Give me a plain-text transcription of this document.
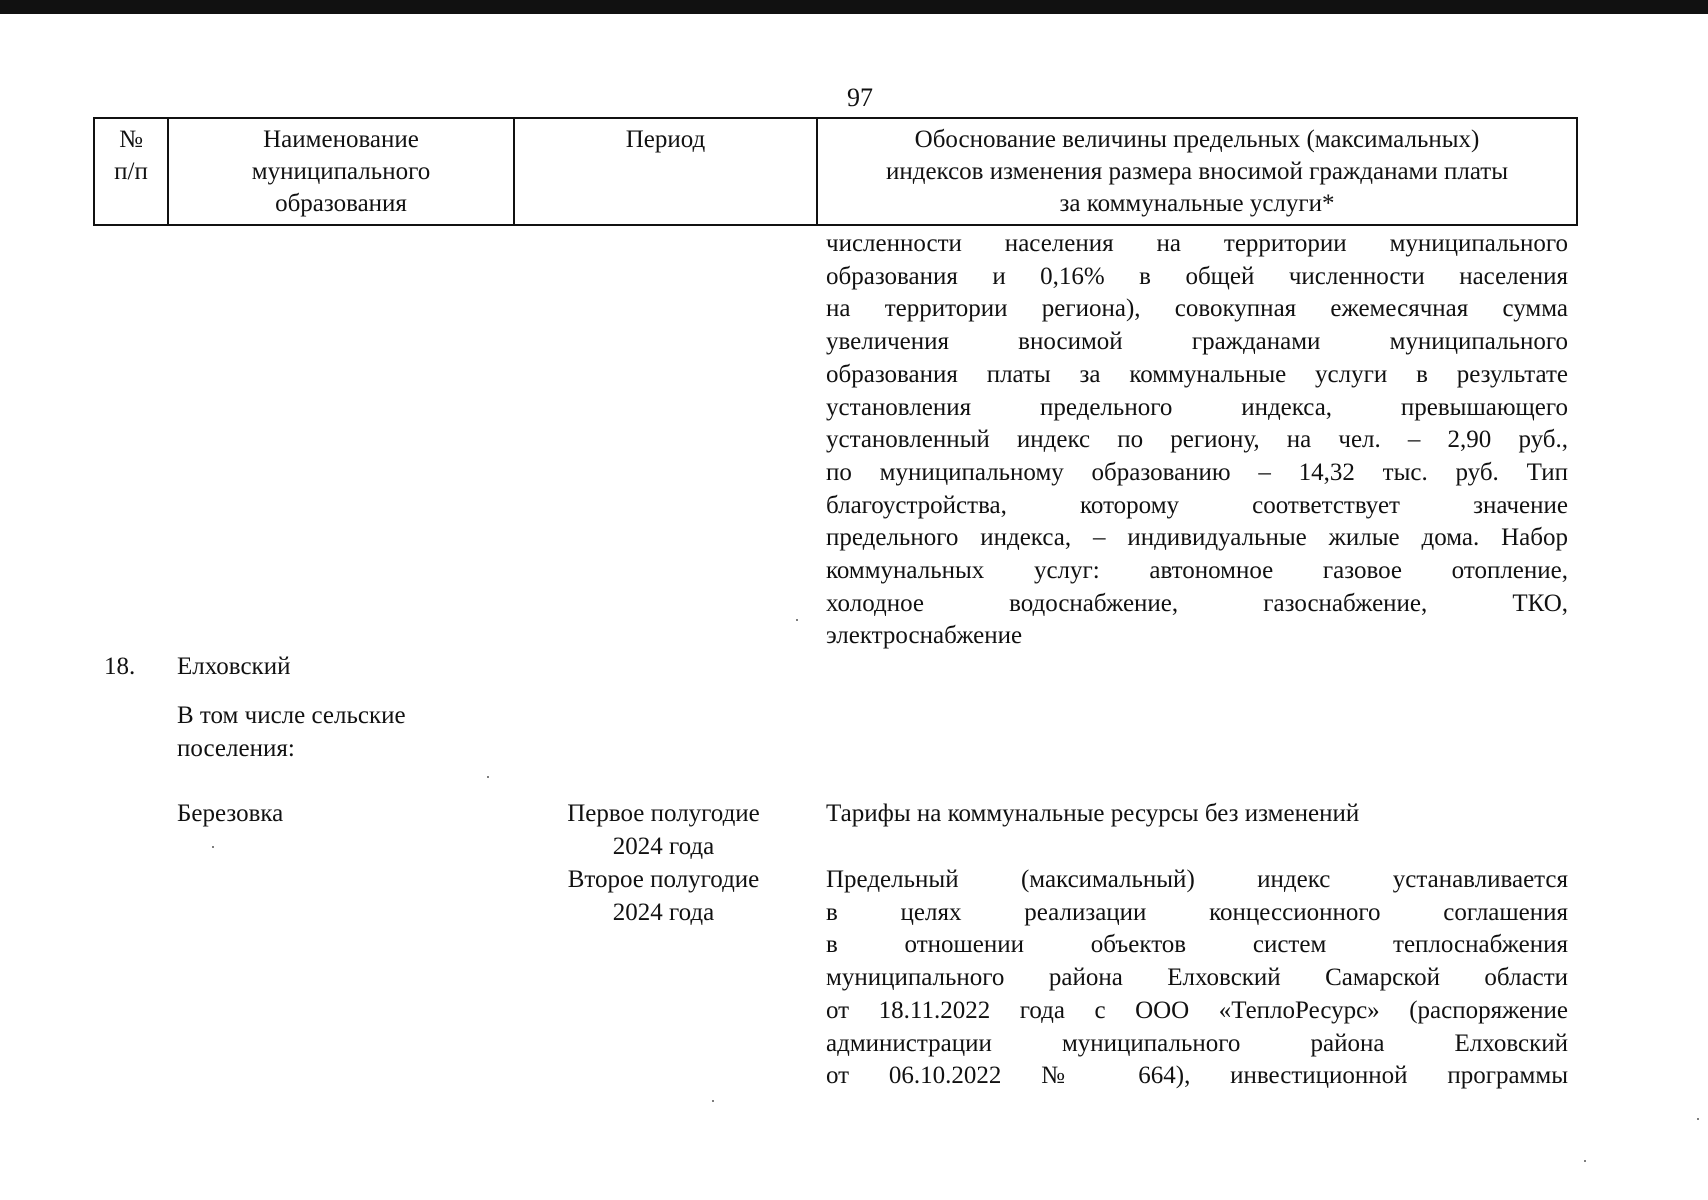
97
№
п/п
Наименование
муниципального
образования
Период	Обоснование величины предельных (максимальных)
индексов изменения размера вносимой гражданами платы
за коммунальные услуги*
численности населения на территории муниципального
образования и 0,16% в общей численности населения
на территории региона), совокупная ежемесячная сумма
увеличения вносимой гражданами муниципального
образования платы за коммунальные услуги в результате
установления предельного индекса, превышающего
установленный индекс по региону, на чел. – 2,90 руб.,
по муниципальному образованию – 14,32 тыс. руб. Тип
благоустройства, которому соответствует значение
предельного индекса, – индивидуальные жилые дома. Набор
коммунальных услуг: автономное газовое отопление,
холодное водоснабжение, газоснабжение, ТКО,
электроснабжение
18. Елховский
В том числе сельские поселения:
Березовка	Первое полугодие
2024 года
Тарифы на коммунальные ресурсы без изменений
Второе полугодие
2024 года
Предельный (максимальный) индекс устанавливается
в целях реализации концессионного соглашения
в отношении объектов систем теплоснабжения
муниципального района Елховский Самарской области
от 18.11.2022 года с ООО «ТеплоРесурс» (распоряжение
администрации муниципального района Елховский
от 06.10.2022 № 664), инвестиционной программы
